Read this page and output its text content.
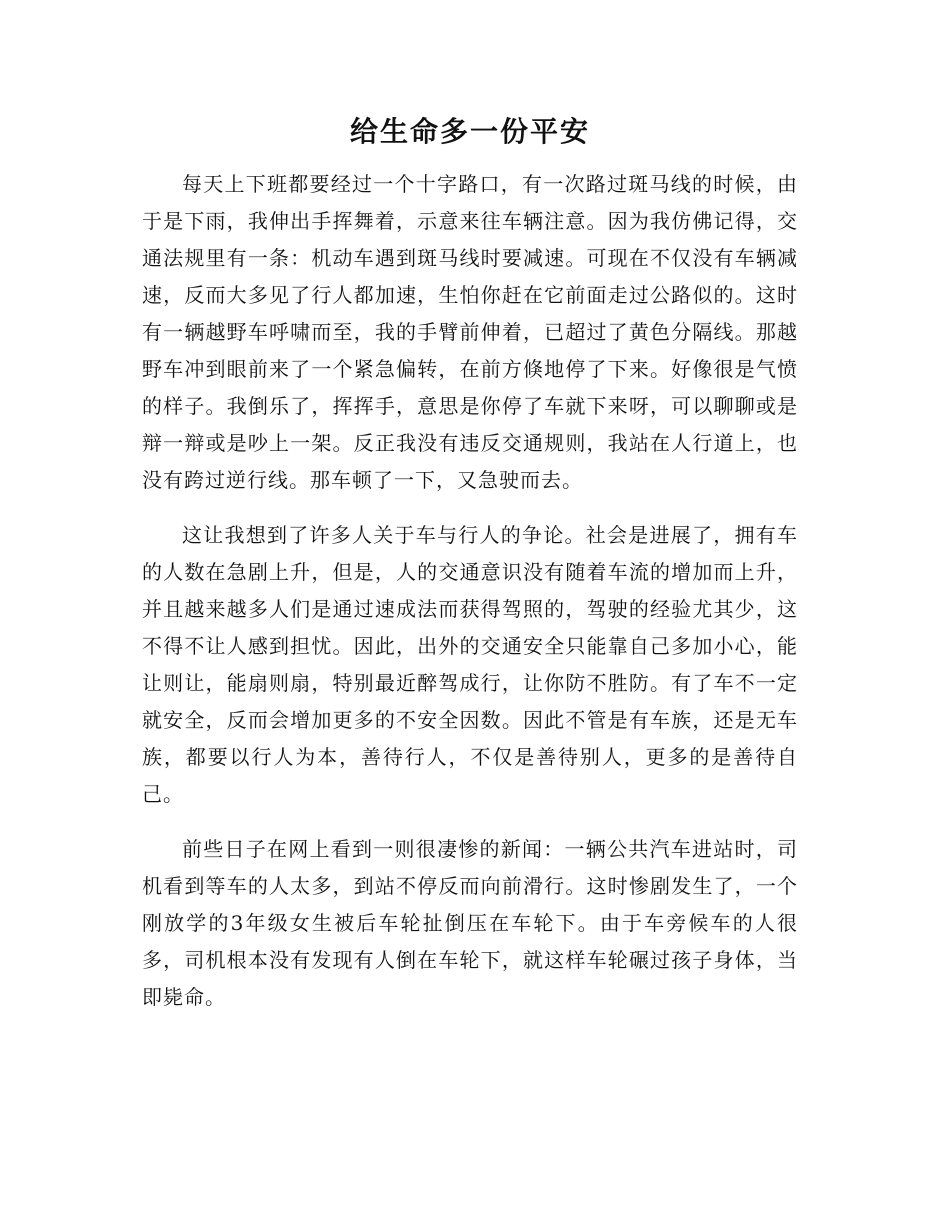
给生命多一份平安

每天上下班都要经过一个十字路口，有一次路过斑马线的时候，由于是下雨，我伸出手挥舞着，示意来往车辆注意。因为我仿佛记得，交通法规里有一条：机动车遇到斑马线时要减速。可现在不仅没有车辆减速，反而大多见了行人都加速，生怕你赶在它前面走过公路似的。这时有一辆越野车呼啸而至，我的手臂前伸着，已超过了黄色分隔线。那越野车冲到眼前来了一个紧急偏转，在前方倏地停了下来。好像很是气愤的样子。我倒乐了，挥挥手，意思是你停了车就下来呀，可以聊聊或是辩一辩或是吵上一架。反正我没有违反交通规则，我站在人行道上，也没有跨过逆行线。那车顿了一下，又急驶而去。

这让我想到了许多人关于车与行人的争论。社会是进展了，拥有车的人数在急剧上升，但是，人的交通意识没有随着车流的增加而上升，并且越来越多人们是通过速成法而获得驾照的，驾驶的经验尤其少，这不得不让人感到担忧。因此，出外的交通安全只能靠自己多加小心，能让则让，能扇则扇，特别最近醉驾成行，让你防不胜防。有了车不一定就安全，反而会增加更多的不安全因数。因此不管是有车族，还是无车族，都要以行人为本，善待行人，不仅是善待别人，更多的是善待自己。

前些日子在网上看到一则很凄惨的新闻：一辆公共汽车进站时，司机看到等车的人太多，到站不停反而向前滑行。这时惨剧发生了，一个刚放学的3年级女生被后车轮扯倒压在车轮下。由于车旁候车的人很多，司机根本没有发现有人倒在车轮下，就这样车轮碾过孩子身体，当即毙命。
